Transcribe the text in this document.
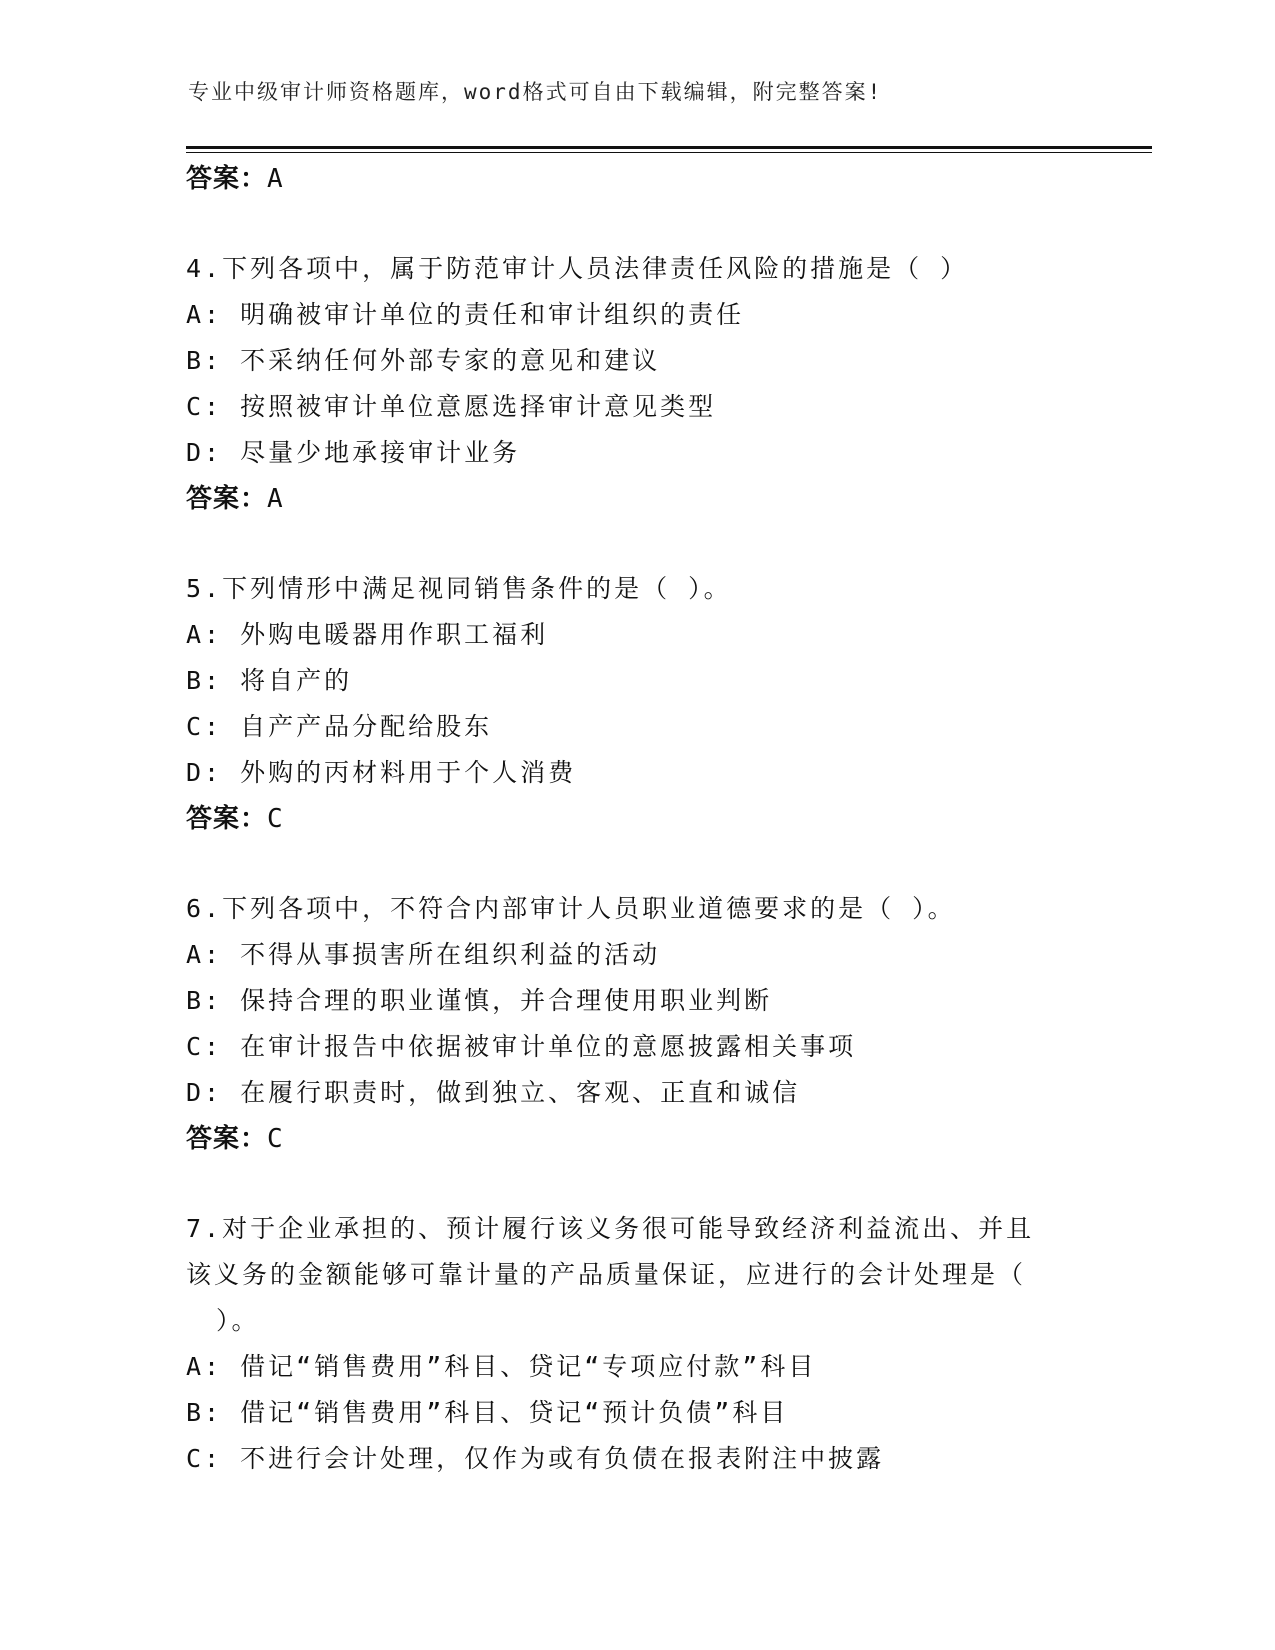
专业中级审计师资格题库，word格式可自由下载编辑，附完整答案!
答案：A
4.下列各项中，属于防范审计人员法律责任风险的措施是（ ）
A: 明确被审计单位的责任和审计组织的责任
B: 不采纳任何外部专家的意见和建议
C: 按照被审计单位意愿选择审计意见类型
D: 尽量少地承接审计业务
答案：A
5.下列情形中满足视同销售条件的是（ ）。
A: 外购电暖器用作职工福利
B: 将自产的
C: 自产产品分配给股东
D: 外购的丙材料用于个人消费
答案：C
6.下列各项中，不符合内部审计人员职业道德要求的是（ ）。
A: 不得从事损害所在组织利益的活动
B: 保持合理的职业谨慎，并合理使用职业判断
C: 在审计报告中依据被审计单位的意愿披露相关事项
D: 在履行职责时，做到独立、客观、正直和诚信
答案：C
7.对于企业承担的、预计履行该义务很可能导致经济利益流出、并且
该义务的金额能够可靠计量的产品质量保证，应进行的会计处理是（
）。
A: 借记“销售费用”科目、贷记“专项应付款”科目
B: 借记“销售费用”科目、贷记“预计负债”科目
C: 不进行会计处理，仅作为或有负债在报表附注中披露
